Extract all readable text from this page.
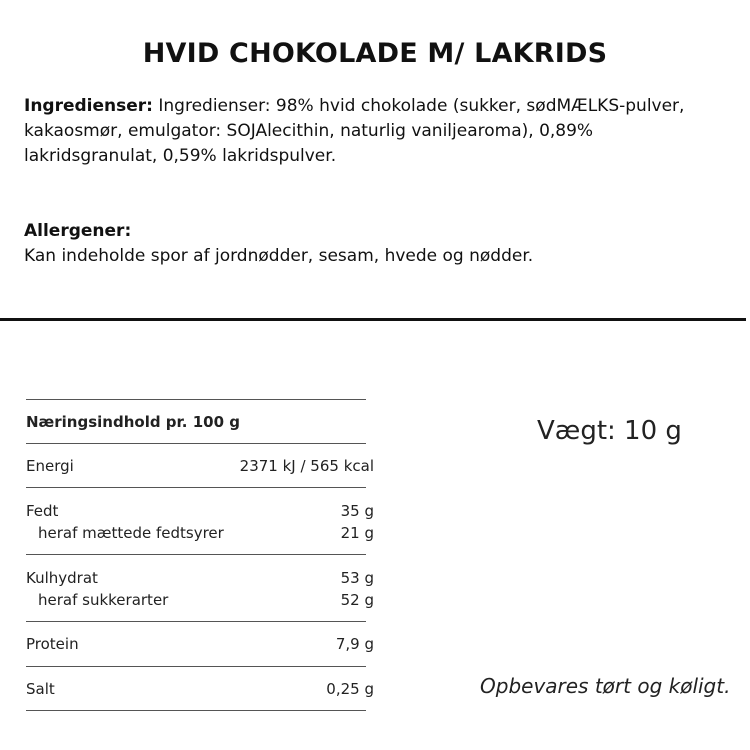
HVID CHOKOLADE M/ LAKRIDS
Ingredienser: Ingredienser: 98% hvid chokolade (sukker, sødMÆLKS-pulver, kakaosmør, emulgator: SOJAlecithin, naturlig vaniljearoma), 0,89% lakridsgranulat, 0,59% lakridspulver.
Allergener:
Kan indeholde spor af jordnødder, sesam, hvede og nødder.
Næringsindhold pr. 100 g
Energi	2371 kJ / 565 kcal
Fedt	35 g
heraf mættede fedtsyrer	21 g
Kulhydrat	53 g
heraf sukkerarter	52 g
Protein	7,9 g
Salt	0,25 g
Vægt: 10 g
Opbevares tørt og køligt.
